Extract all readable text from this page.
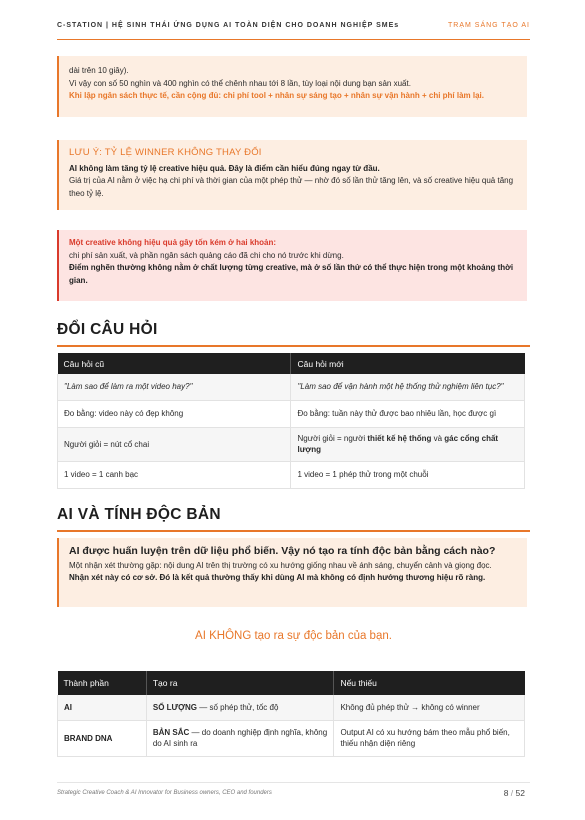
C-STATION | HỆ SINH THÁI ỨNG DỤNG AI TOÀN DIỆN CHO DOANH NGHIỆP SMEs	TRẠM SÁNG TẠO AI
dài trên 10 giây).
Vì vậy con số 50 nghìn và 400 nghìn có thể chênh nhau tới 8 lần, tùy loại nội dung bạn sản xuất.
Khi lập ngân sách thực tế, cần cộng đủ: chi phí tool + nhân sự sáng tạo + nhân sự vận hành + chi phí làm lại.
LƯU Ý: TỶ LỆ WINNER KHÔNG THAY ĐỔI
AI không làm tăng tỷ lệ creative hiệu quả. Đây là điểm cần hiểu đúng ngay từ đầu.
Giá trị của AI nằm ở việc hạ chi phí và thời gian của một phép thử — nhờ đó số lần thử tăng lên, và số creative hiệu quả tăng theo tỷ lệ.
Một creative không hiệu quả gây tốn kém ở hai khoản:
chi phí sản xuất, và phần ngân sách quảng cáo đã chi cho nó trước khi dừng.
Điểm nghẽn thường không nằm ở chất lượng từng creative, mà ở số lần thử có thể thực hiện trong một khoảng thời gian.
ĐỔI CÂU HỎI
Câu hỏi cũ	Câu hỏi mới
"Làm sao để làm ra một video hay?"	"Làm sao để vận hành một hệ thống thử nghiệm liên tục?"
Đo bằng: video này có đẹp không	Đo bằng: tuần này thử được bao nhiêu lần, học được gì
Người giỏi = nút cổ chai	Người giỏi = người thiết kế hệ thống và gác cổng chất lượng
1 video = 1 canh bạc	1 video = 1 phép thử trong một chuỗi
AI VÀ TÍNH ĐỘC BẢN
AI được huấn luyện trên dữ liệu phổ biến. Vậy nó tạo ra tính độc bản bằng cách nào?
Một nhận xét thường gặp: nội dung AI trên thị trường có xu hướng giống nhau về ánh sáng, chuyển cảnh và giọng đọc.
Nhận xét này có cơ sở. Đó là kết quả thường thấy khi dùng AI mà không có định hướng thương hiệu rõ ràng.
AI KHÔNG tạo ra sự độc bản của bạn.
Thành phần	Tạo ra	Nếu thiếu
AI	SỐ LƯỢNG — số phép thử, tốc độ	Không đủ phép thử → không có winner
BRAND DNA	BẢN SẮC — do doanh nghiệp định nghĩa, không do AI sinh ra	Output AI có xu hướng bám theo mẫu phổ biến, thiếu nhận diện riêng
Strategic Creative Coach & AI Innovator for Business owners, CEO and founders	8 / 52
